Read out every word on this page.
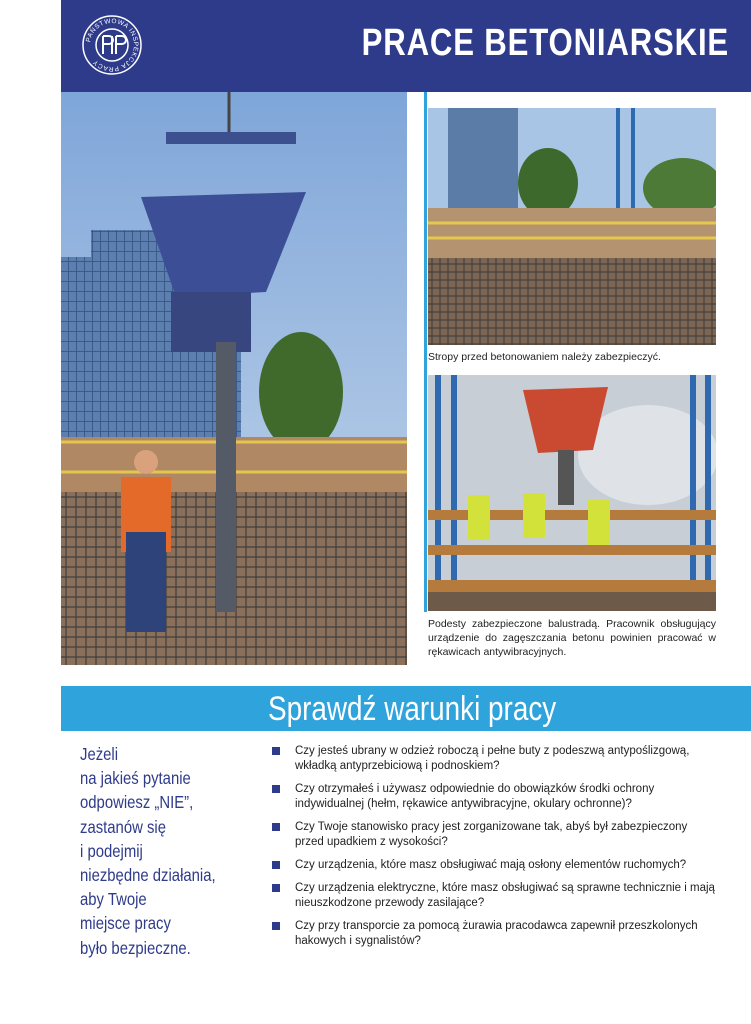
PAŃSTWOWA INSPEKCJA PRACY	PRACE BETONIARSKIE
Stropy przed betonowaniem należy zabezpieczyć.
Podesty zabezpieczone balustradą. Pracownik obsługujący urządzenie do zagęszczania betonu powinien pracować w rękawicach antywibracyjnych.
Sprawdź warunki pracy
Jeżeli
na jakieś pytanie
odpowiesz „NIE”,
zastanów się
i podejmij
niezbędne działania,
aby Twoje
miejsce pracy
było bezpieczne.
Czy jesteś ubrany w odzież roboczą i pełne buty z podeszwą antypoślizgową, wkładką antyprzebiciową i podnoskiem?
Czy otrzymałeś i używasz odpowiednie do obowiązków środki ochrony indywidualnej (hełm, rękawice antywibracyjne, okulary ochronne)?
Czy Twoje stanowisko pracy jest zorganizowane tak, abyś był zabezpieczony przed upadkiem z wysokości?
Czy urządzenia, które masz obsługiwać mają osłony elementów ruchomych?
Czy urządzenia elektryczne, które masz obsługiwać są sprawne technicznie i mają nieuszkodzone przewody zasilające?
Czy przy transporcie za pomocą żurawia pracodawca zapewnił przeszkolonych hakowych i sygnalistów?
